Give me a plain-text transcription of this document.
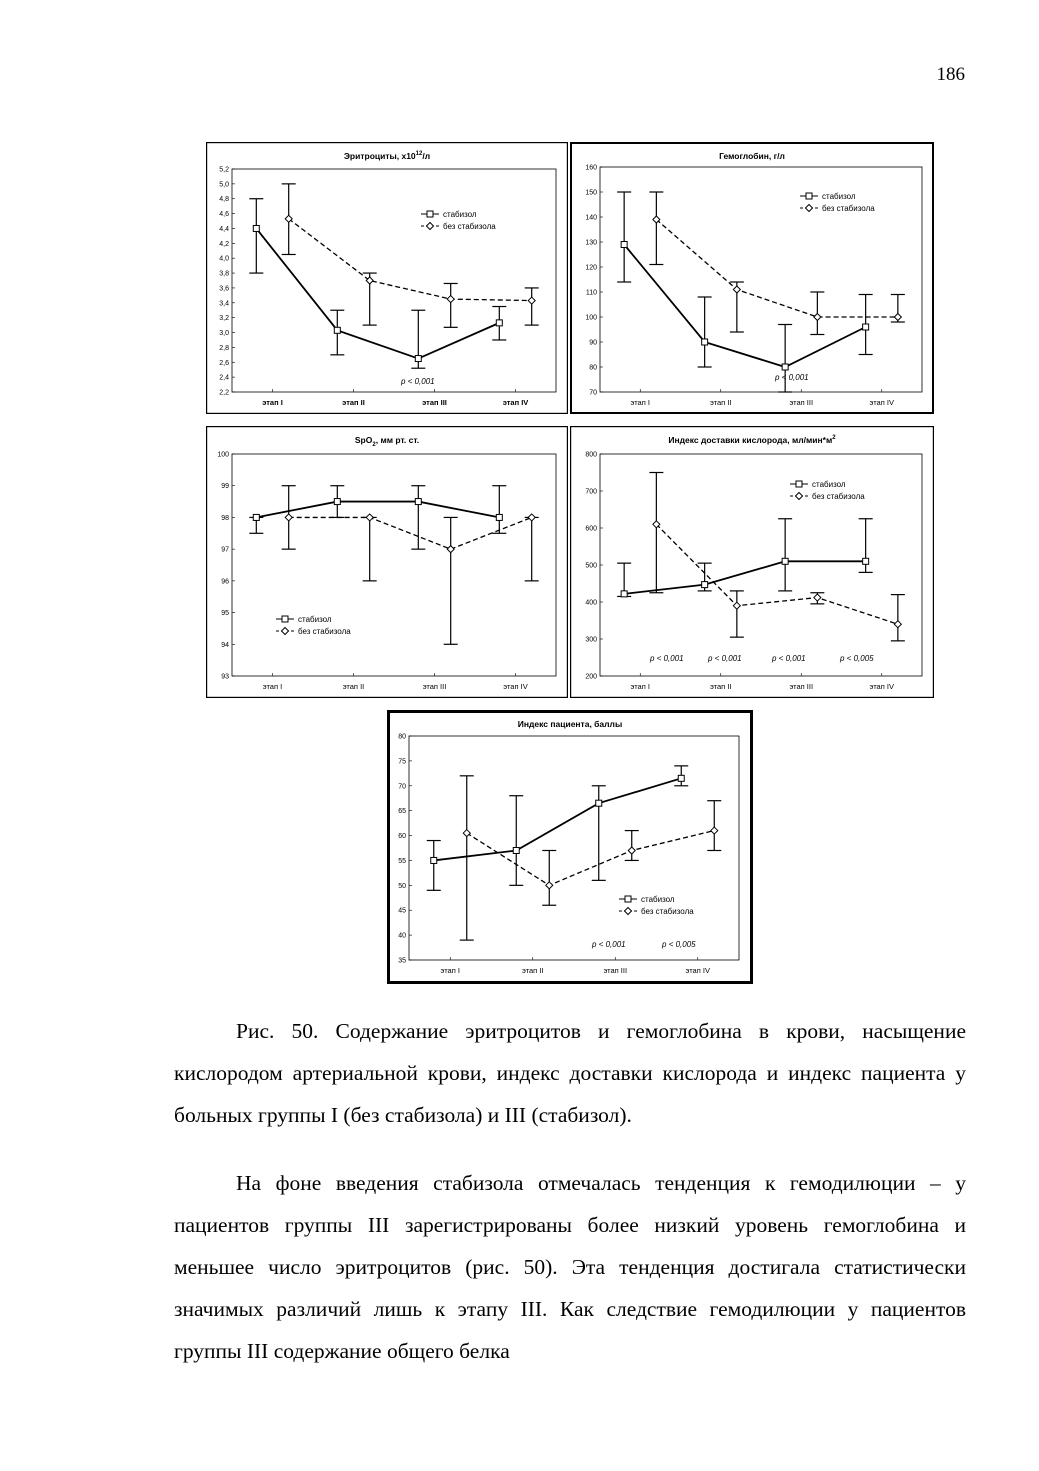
186
Эритроциты, $x10^{12}/л$
2,2
2,4
2,6
2,8
3,0
3,2
3,4
3,6
3,8
4,0
4,2
4,4
4,6
4,8
5,0
5,2
этап I	этап II	этап III	этап IV
стабизол
без стабизола
p < 0,001
Гемоглобин, г/л
70
80
90
100
110
120
130
140
150
160
этап I	этап II	этап III	этап IV
стабизол
без стабизола
p < 0,001
SpO$_2$, мм рт. ст.
93
94
95
96
97
98
99
100
этап I	этап II	этап III	этап IV
стабизол
без стабизола
Индекс доставки кислорода, $мл/мин*м^2$
200
300
400
500
600
700
800
этап I	этап II	этап III	этап IV
стабизол
без стабизола
p < 0,001	p < 0,001	p < 0,001	p < 0,005
Индекс пациента, баллы
35
40
45
50
55
60
65
70
75
80
этап I	этап II	этап III	этап IV
стабизол
без стабизола
p < 0,001	p < 0,005

Рис. 50. Содержание эритроцитов и гемоглобина в крови, насыщение кислородом артериальной крови, индекс доставки кислорода и индекс пациента у больных группы I (без стабизола) и III (стабизол).

На фоне введения стабизола отмечалась тенденция к гемодилюции – у пациентов группы III зарегистрированы более низкий уровень гемоглобина и меньшее число эритроцитов (рис. 50). Эта тенденция достигала статистически значимых различий лишь к этапу III. Как следствие гемодилюции у пациентов группы III содержание общего белка
